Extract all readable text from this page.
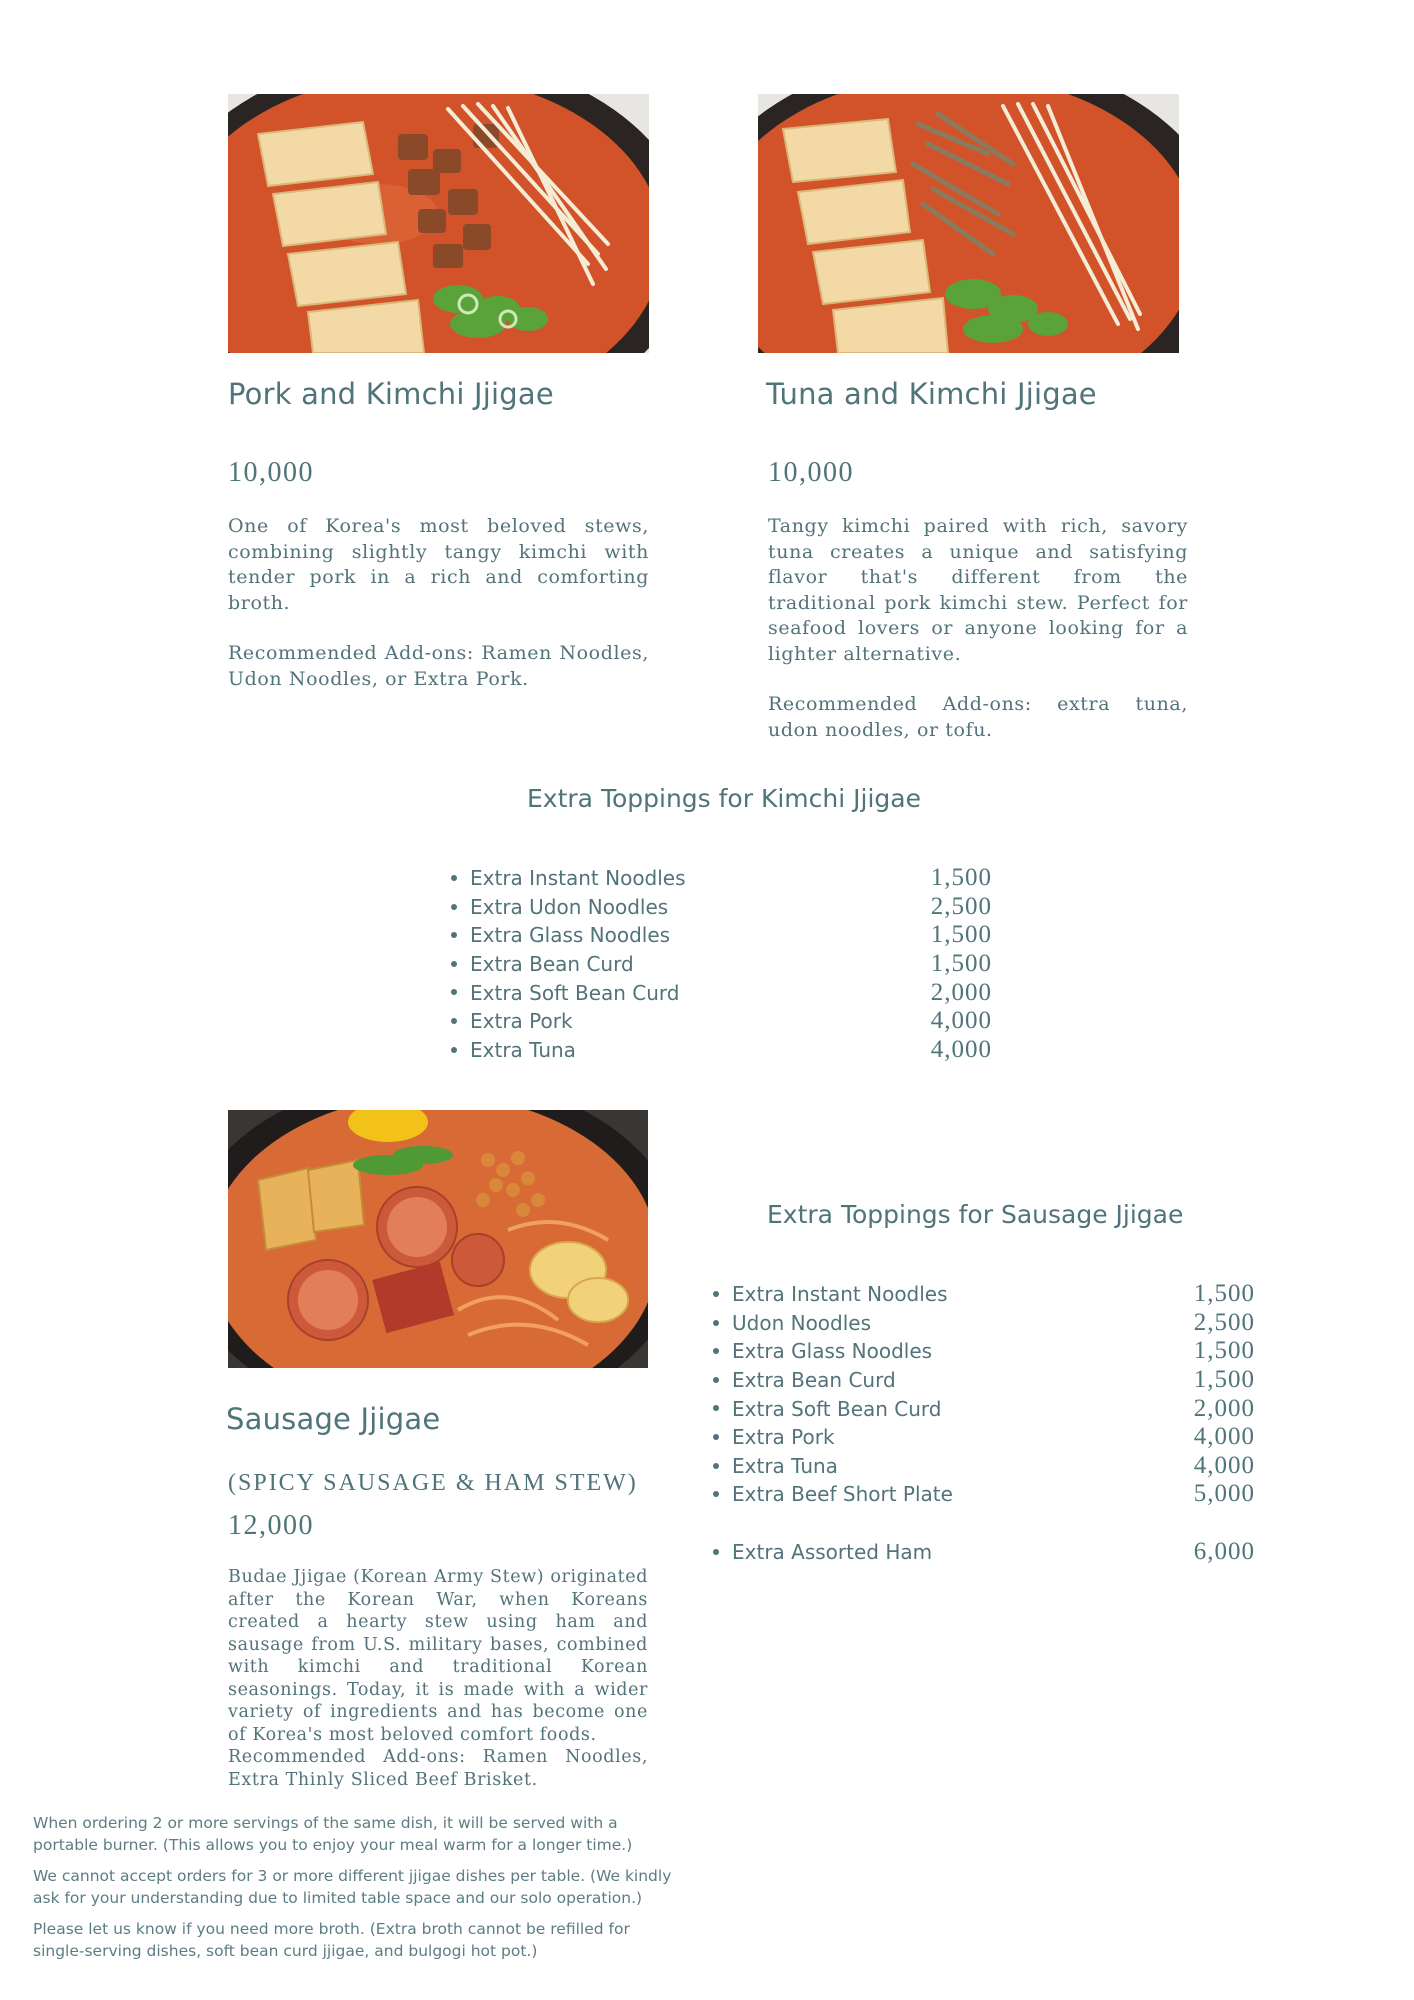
Pork and Kimchi Jjigae
10,000

One of Korea's most beloved stews, combining slightly tangy kimchi with tender pork in a rich and comforting broth.

Recommended Add-ons: Ramen Noodles, Udon Noodles, or Extra Pork.

Tuna and Kimchi Jjigae
10,000

Tangy kimchi paired with rich, savory tuna creates a unique and satisfying flavor that's different from the traditional pork kimchi stew. Perfect for seafood lovers or anyone looking for a lighter alternative.

Recommended Add-ons: extra tuna, udon noodles, or tofu.

Extra Toppings for Kimchi Jjigae
Extra Instant Noodles	1,500
Extra Udon Noodles	2,500
Extra Glass Noodles	1,500
Extra Bean Curd	1,500
Extra Soft Bean Curd	2,000
Extra Pork	4,000
Extra Tuna	4,000
Sausage Jjigae
(SPICY SAUSAGE & HAM STEW)
12,000

Budae Jjigae (Korean Army Stew) originated after the Korean War, when Koreans created a hearty stew using ham and sausage from U.S. military bases, combined with kimchi and traditional Korean seasonings. Today, it is made with a wider variety of ingredients and has become one of Korea's most beloved comfort foods.

Recommended Add-ons: Ramen Noodles, Extra Thinly Sliced Beef Brisket.

Extra Toppings for Sausage Jjigae
Extra Instant Noodles	1,500
Udon Noodles	2,500
Extra Glass Noodles	1,500
Extra Bean Curd	1,500
Extra Soft Bean Curd	2,000
Extra Pork	4,000
Extra Tuna	4,000
Extra Beef Short Plate	5,000
Extra Assorted Ham	6,000

When ordering 2 or more servings of the same dish, it will be served with a portable burner. (This allows you to enjoy your meal warm for a longer time.)

We cannot accept orders for 3 or more different jjigae dishes per table. (We kindly ask for your understanding due to limited table space and our solo operation.)

Please let us know if you need more broth. (Extra broth cannot be refilled for single-serving dishes, soft bean curd jjigae, and bulgogi hot pot.)
